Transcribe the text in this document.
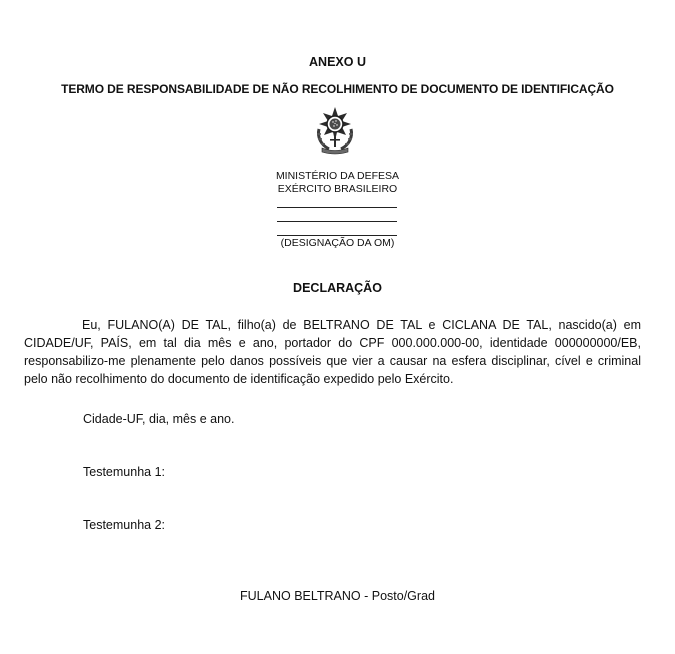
ANEXO U
TERMO DE RESPONSABILIDADE DE NÃO RECOLHIMENTO DE DOCUMENTO DE IDENTIFICAÇÃO
MINISTÉRIO DA DEFESA
EXÉRCITO BRASILEIRO
(DESIGNAÇÃO DA OM)
DECLARAÇÃO

Eu, FULANO(A) DE TAL, filho(a) de BELTRANO DE TAL e CICLANA DE TAL, nascido(a) em CIDADE/UF, PAÍS, em tal dia mês e ano, portador do CPF 000.000.000-00, identidade 000000000/EB, responsabilizo-me plenamente pelo danos possíveis que vier a causar na esfera disciplinar, cível e criminal pelo não recolhimento do documento de identificação expedido pelo Exército.

Cidade-UF, dia, mês e ano.
Testemunha 1:
Testemunha 2:
FULANO BELTRANO - Posto/Grad
